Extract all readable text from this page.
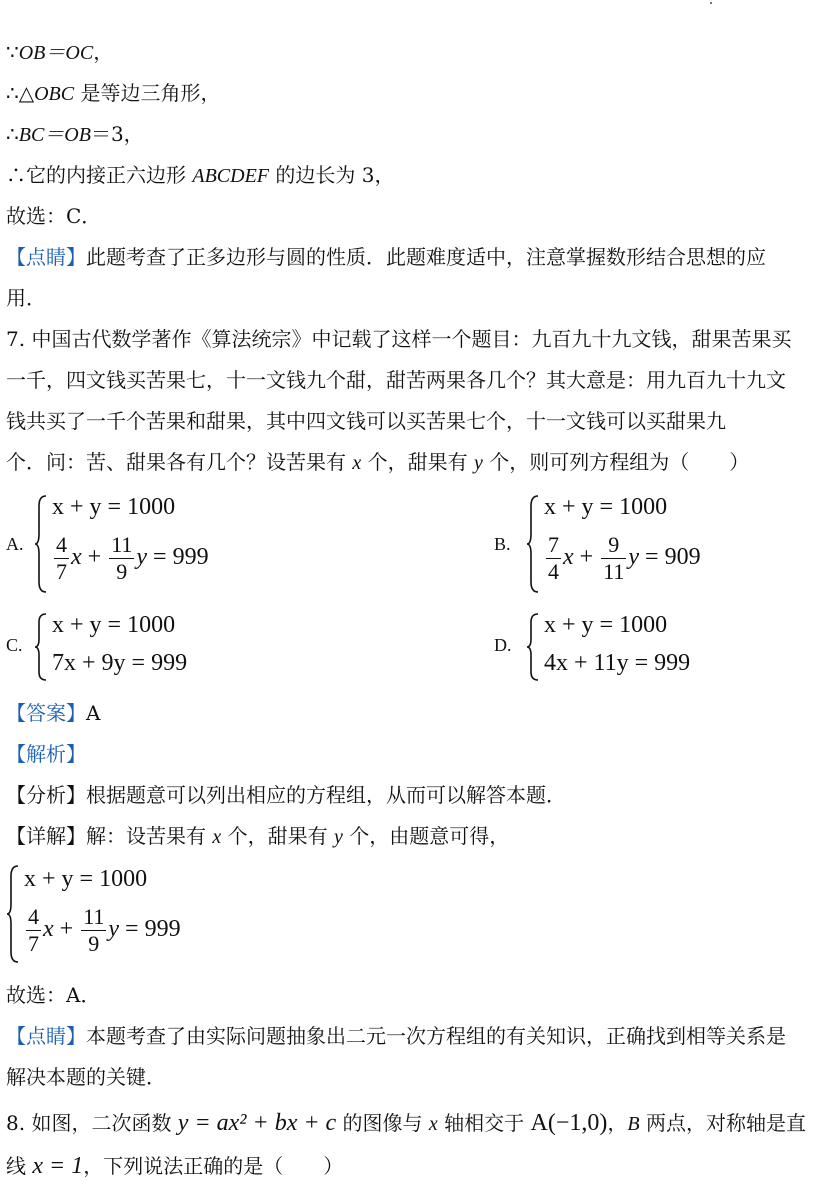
∵OB＝OC，
∴△OBC 是等边三角形，
∴BC＝OB＝3，
∴它的内接正六边形 ABCDEF 的边长为 3，
故选：C．
【点睛】此题考查了正多边形与圆的性质．此题难度适中，注意掌握数形结合思想的应
用．
7. 中国古代数学著作《算法统宗》中记载了这样一个题目：九百九十九文钱，甜果苦果买
一千，四文钱买苦果七，十一文钱九个甜，甜苦两果各几个？其大意是：用九百九十九文
钱共买了一千个苦果和甜果，其中四文钱可以买苦果七个，十一文钱可以买甜果九
个．问：苦、甜果各有几个？设苦果有 x 个，甜果有 y 个，则可列方程组为（　　）
A.
x + y = 1000
$\frac{4}{7}$ $x + \frac{11}{9}$ y = 999
B.
x + y = 1000
$\frac{7}{4}$ $x + \frac{9}{11}$ y = 909
C.
x + y = 1000
7x + 9y = 999
D.
x + y = 1000
4x + 11y = 999
【答案】A
【解析】
【分析】根据题意可以列出相应的方程组，从而可以解答本题．
【详解】解：设苦果有 x 个，甜果有 y 个，由题意可得，
x + y = 1000
$\frac{4}{7}$ $x + \frac{11}{9}$ y = 999
故选：A．
【点睛】本题考查了由实际问题抽象出二元一次方程组的有关知识，正确找到相等关系是
解决本题的关键．
8. 如图，二次函数 y = ax² + bx + c 的图像与 x 轴相交于 A(−1,0)，B 两点，对称轴是直
线 x = 1，下列说法正确的是（　　）
